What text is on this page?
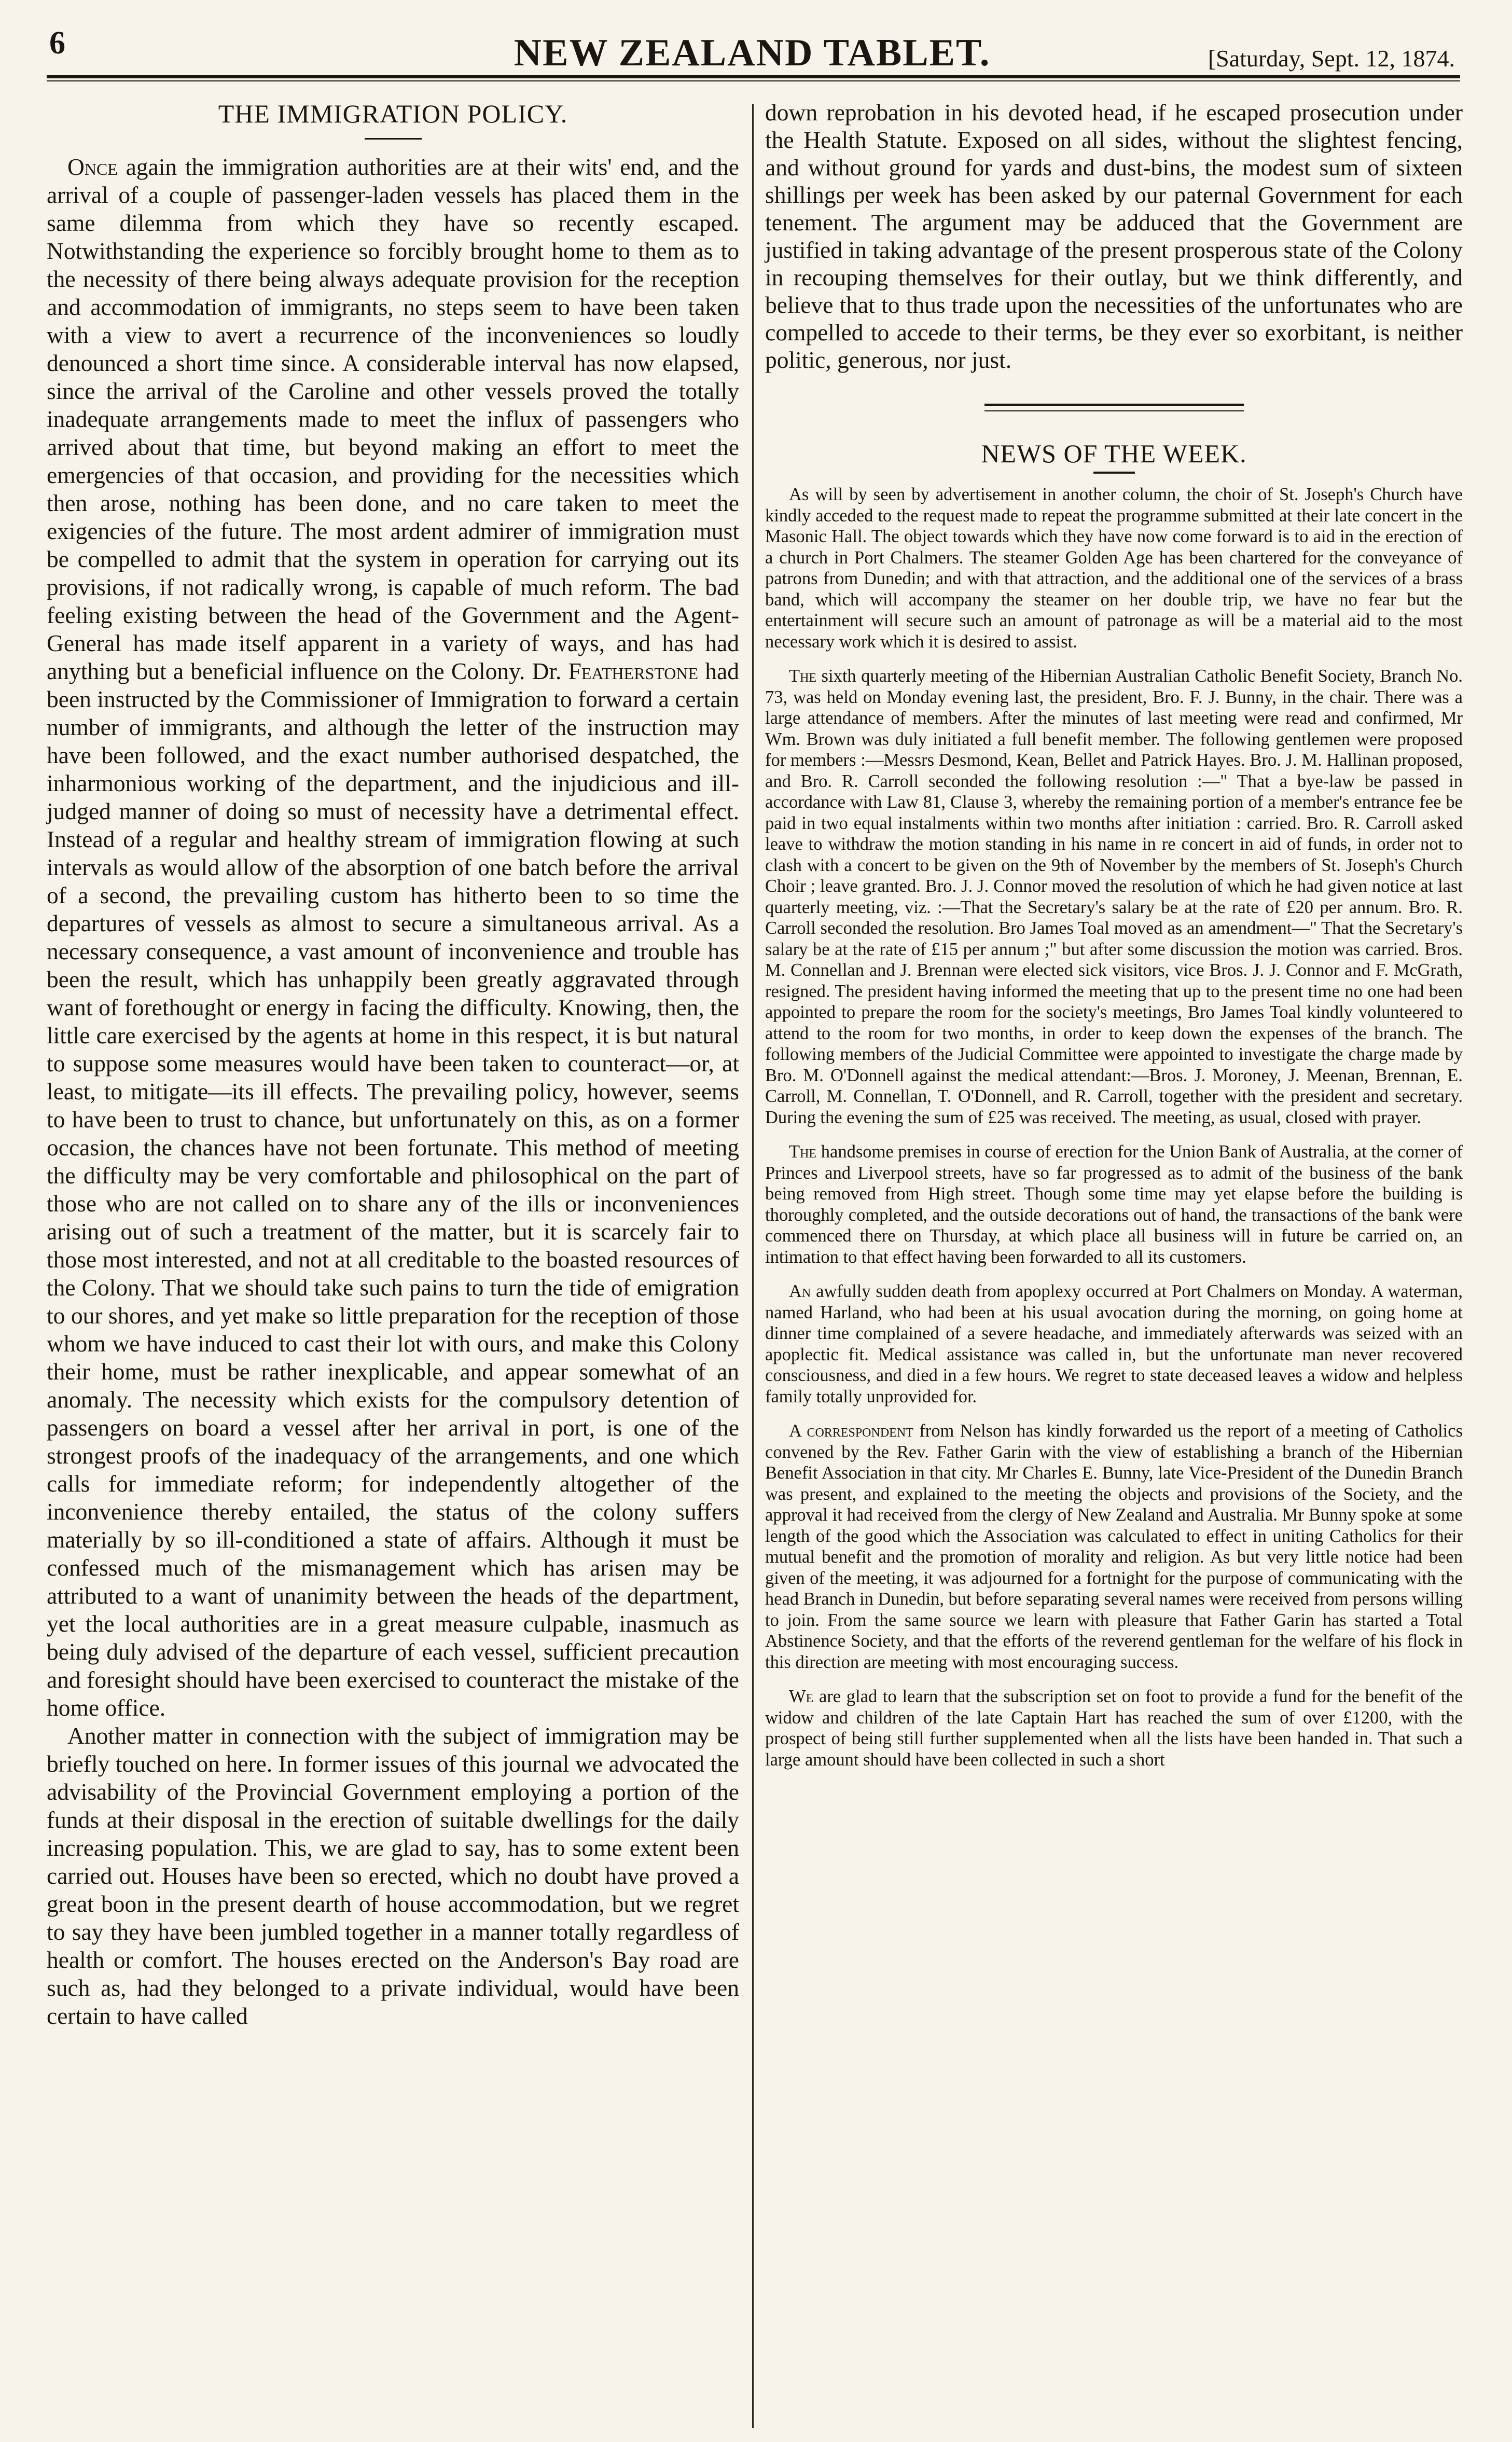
6	NEW ZEALAND TABLET.	[Saturday, Sept. 12, 1874.
THE IMMIGRATION POLICY.

Once again the immigration authorities are at their wits' end, and the arrival of a couple of passenger-laden vessels has placed them in the same dilemma from which they have so recently escaped. Notwithstanding the experience so forcibly brought home to them as to the necessity of there being always adequate provision for the reception and accommodation of immigrants, no steps seem to have been taken with a view to avert a recurrence of the inconveniences so loudly denounced a short time since. A considerable interval has now elapsed, since the arrival of the Caroline and other vessels proved the totally inadequate arrangements made to meet the influx of passengers who arrived about that time, but beyond making an effort to meet the emergencies of that occasion, and providing for the necessities which then arose, nothing has been done, and no care taken to meet the exigencies of the future. The most ardent admirer of immigration must be compelled to admit that the system in operation for carrying out its provisions, if not radically wrong, is capable of much reform. The bad feeling existing between the head of the Government and the Agent-General has made itself apparent in a variety of ways, and has had anything but a beneficial influence on the Colony. Dr. Featherstone had been instructed by the Commissioner of Immigration to forward a certain number of immigrants, and although the letter of the instruction may have been followed, and the exact number authorised despatched, the inharmonious working of the department, and the injudicious and ill-judged manner of doing so must of necessity have a detrimental effect. Instead of a regular and healthy stream of immigration flowing at such intervals as would allow of the absorption of one batch before the arrival of a second, the prevailing custom has hitherto been to so time the departures of vessels as almost to secure a simultaneous arrival. As a necessary consequence, a vast amount of inconvenience and trouble has been the result, which has unhappily been greatly aggravated through want of forethought or energy in facing the difficulty. Knowing, then, the little care exercised by the agents at home in this respect, it is but natural to suppose some measures would have been taken to counteract—or, at least, to mitigate—its ill effects. The prevailing policy, however, seems to have been to trust to chance, but unfortunately on this, as on a former occasion, the chances have not been fortunate. This method of meeting the difficulty may be very comfortable and philosophical on the part of those who are not called on to share any of the ills or inconveniences arising out of such a treatment of the matter, but it is scarcely fair to those most interested, and not at all creditable to the boasted resources of the Colony. That we should take such pains to turn the tide of emigration to our shores, and yet make so little preparation for the reception of those whom we have induced to cast their lot with ours, and make this Colony their home, must be rather inexplicable, and appear somewhat of an anomaly. The necessity which exists for the compulsory detention of passengers on board a vessel after her arrival in port, is one of the strongest proofs of the inadequacy of the arrangements, and one which calls for immediate reform; for independently altogether of the inconvenience thereby entailed, the status of the colony suffers materially by so ill-conditioned a state of affairs. Although it must be confessed much of the mismanagement which has arisen may be attributed to a want of unanimity between the heads of the department, yet the local authorities are in a great measure culpable, inasmuch as being duly advised of the departure of each vessel, sufficient precaution and foresight should have been exercised to counteract the mistake of the home office.

Another matter in connection with the subject of immigration may be briefly touched on here. In former issues of this journal we advocated the advisability of the Provincial Government employing a portion of the funds at their disposal in the erection of suitable dwellings for the daily increasing population. This, we are glad to say, has to some extent been carried out. Houses have been so erected, which no doubt have proved a great boon in the present dearth of house accommodation, but we regret to say they have been jumbled together in a manner totally regardless of health or comfort. The houses erected on the Anderson's Bay road are such as, had they belonged to a private individual, would have been certain to have called

down reprobation in his devoted head, if he escaped prosecution under the Health Statute. Exposed on all sides, without the slightest fencing, and without ground for yards and dust-bins, the modest sum of sixteen shillings per week has been asked by our paternal Government for each tenement. The argument may be adduced that the Government are justified in taking advantage of the present prosperous state of the Colony in recouping themselves for their outlay, but we think differently, and believe that to thus trade upon the necessities of the unfortunates who are compelled to accede to their terms, be they ever so exorbitant, is neither politic, generous, nor just.

NEWS OF THE WEEK.

As will by seen by advertisement in another column, the choir of St. Joseph's Church have kindly acceded to the request made to repeat the programme submitted at their late concert in the Masonic Hall. The object towards which they have now come forward is to aid in the erection of a church in Port Chalmers. The steamer Golden Age has been chartered for the conveyance of patrons from Dunedin; and with that attraction, and the additional one of the services of a brass band, which will accompany the steamer on her double trip, we have no fear but the entertainment will secure such an amount of patronage as will be a material aid to the most necessary work which it is desired to assist.

The sixth quarterly meeting of the Hibernian Australian Catholic Benefit Society, Branch No. 73, was held on Monday evening last, the president, Bro. F. J. Bunny, in the chair. There was a large attendance of members. After the minutes of last meeting were read and confirmed, Mr Wm. Brown was duly initiated a full benefit member. The following gentlemen were proposed for members :—Messrs Desmond, Kean, Bellet and Patrick Hayes. Bro. J. M. Hallinan proposed, and Bro. R. Carroll seconded the following resolution :—" That a bye-law be passed in accordance with Law 81, Clause 3, whereby the remaining portion of a member's entrance fee be paid in two equal instalments within two months after initiation : carried. Bro. R. Carroll asked leave to withdraw the motion standing in his name in re concert in aid of funds, in order not to clash with a concert to be given on the 9th of November by the members of St. Joseph's Church Choir ; leave granted. Bro. J. J. Connor moved the resolution of which he had given notice at last quarterly meeting, viz. :—That the Secretary's salary be at the rate of £20 per annum. Bro. R. Carroll seconded the resolution. Bro James Toal moved as an amendment—" That the Secretary's salary be at the rate of £15 per annum ;" but after some discussion the motion was carried. Bros. M. Connellan and J. Brennan were elected sick visitors, vice Bros. J. J. Connor and F. McGrath, resigned. The president having informed the meeting that up to the present time no one had been appointed to prepare the room for the society's meetings, Bro James Toal kindly volunteered to attend to the room for two months, in order to keep down the expenses of the branch. The following members of the Judicial Committee were appointed to investigate the charge made by Bro. M. O'Donnell against the medical attendant:—Bros. J. Moroney, J. Meenan, Brennan, E. Carroll, M. Connellan, T. O'Donnell, and R. Carroll, together with the president and secretary. During the evening the sum of £25 was received. The meeting, as usual, closed with prayer.

The handsome premises in course of erection for the Union Bank of Australia, at the corner of Princes and Liverpool streets, have so far progressed as to admit of the business of the bank being removed from High street. Though some time may yet elapse before the building is thoroughly completed, and the outside decorations out of hand, the transactions of the bank were commenced there on Thursday, at which place all business will in future be carried on, an intimation to that effect having been forwarded to all its customers.

An awfully sudden death from apoplexy occurred at Port Chalmers on Monday. A waterman, named Harland, who had been at his usual avocation during the morning, on going home at dinner time complained of a severe headache, and immediately afterwards was seized with an apoplectic fit. Medical assistance was called in, but the unfortunate man never recovered consciousness, and died in a few hours. We regret to state deceased leaves a widow and helpless family totally unprovided for.

A correspondent from Nelson has kindly forwarded us the report of a meeting of Catholics convened by the Rev. Father Garin with the view of establishing a branch of the Hibernian Benefit Association in that city. Mr Charles E. Bunny, late Vice-President of the Dunedin Branch was present, and explained to the meeting the objects and provisions of the Society, and the approval it had received from the clergy of New Zealand and Australia. Mr Bunny spoke at some length of the good which the Association was calculated to effect in uniting Catholics for their mutual benefit and the promotion of morality and religion. As but very little notice had been given of the meeting, it was adjourned for a fortnight for the purpose of communicating with the head Branch in Dunedin, but before separating several names were received from persons willing to join. From the same source we learn with pleasure that Father Garin has started a Total Abstinence Society, and that the efforts of the reverend gentleman for the welfare of his flock in this direction are meeting with most encouraging success.

We are glad to learn that the subscription set on foot to provide a fund for the benefit of the widow and children of the late Captain Hart has reached the sum of over £1200, with the prospect of being still further supplemented when all the lists have been handed in. That such a large amount should have been collected in such a short
